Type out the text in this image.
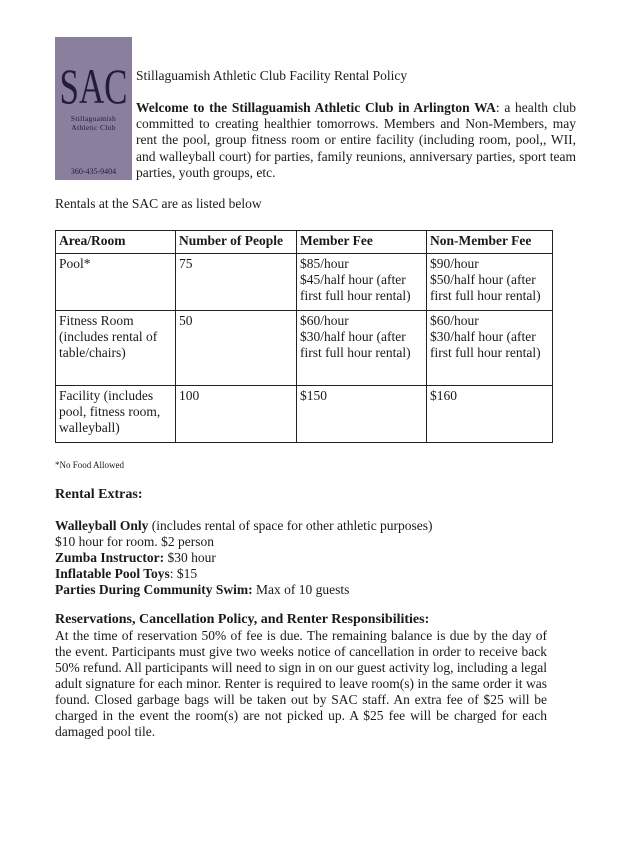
SAC
Stillaguamish
Athletic Club
360-435-9404
Stillaguamish Athletic Club Facility Rental Policy
Welcome to the Stillaguamish Athletic Club in Arlington WA: a health club committed to creating healthier tomorrows. Members and Non-Members, may rent the pool, group fitness room or entire facility (including room, pool,, WII, and walleyball court) for parties, family reunions, anniversary parties, sport team parties, youth groups, etc.
Rentals at the SAC are as listed below
Area/Room	Number of People	Member Fee	Non-Member Fee
Pool*	75	$85/hour
$45/half hour (after
first full hour rental)	$90/hour
$50/half hour (after
first full hour rental)

Fitness Room (includes rental of table/chairs)	50	$60/hour
$30/half hour (after
first full hour rental)	$60/hour
$30/half hour (after
first full hour rental)

Facility (includes pool, fitness room, walleyball)	100	$150	$160
*No Food Allowed
Rental Extras:
Walleyball Only (includes rental of space for other athletic purposes)
$10 hour for room. $2 person
Zumba Instructor: $30 hour
Inflatable Pool Toys: $15
Parties During Community Swim: Max of 10 guests
Reservations, Cancellation Policy, and Renter Responsibilities:
At the time of reservation 50% of fee is due. The remaining balance is due by the day of the event. Participants must give two weeks notice of cancellation in order to receive back 50% refund. All participants will need to sign in on our guest activity log, including a legal adult signature for each minor. Renter is required to leave room(s) in the same order it was found. Closed garbage bags will be taken out by SAC staff. An extra fee of $25 will be charged in the event the room(s) are not picked up. A $25 fee will be charged for each damaged pool tile.
